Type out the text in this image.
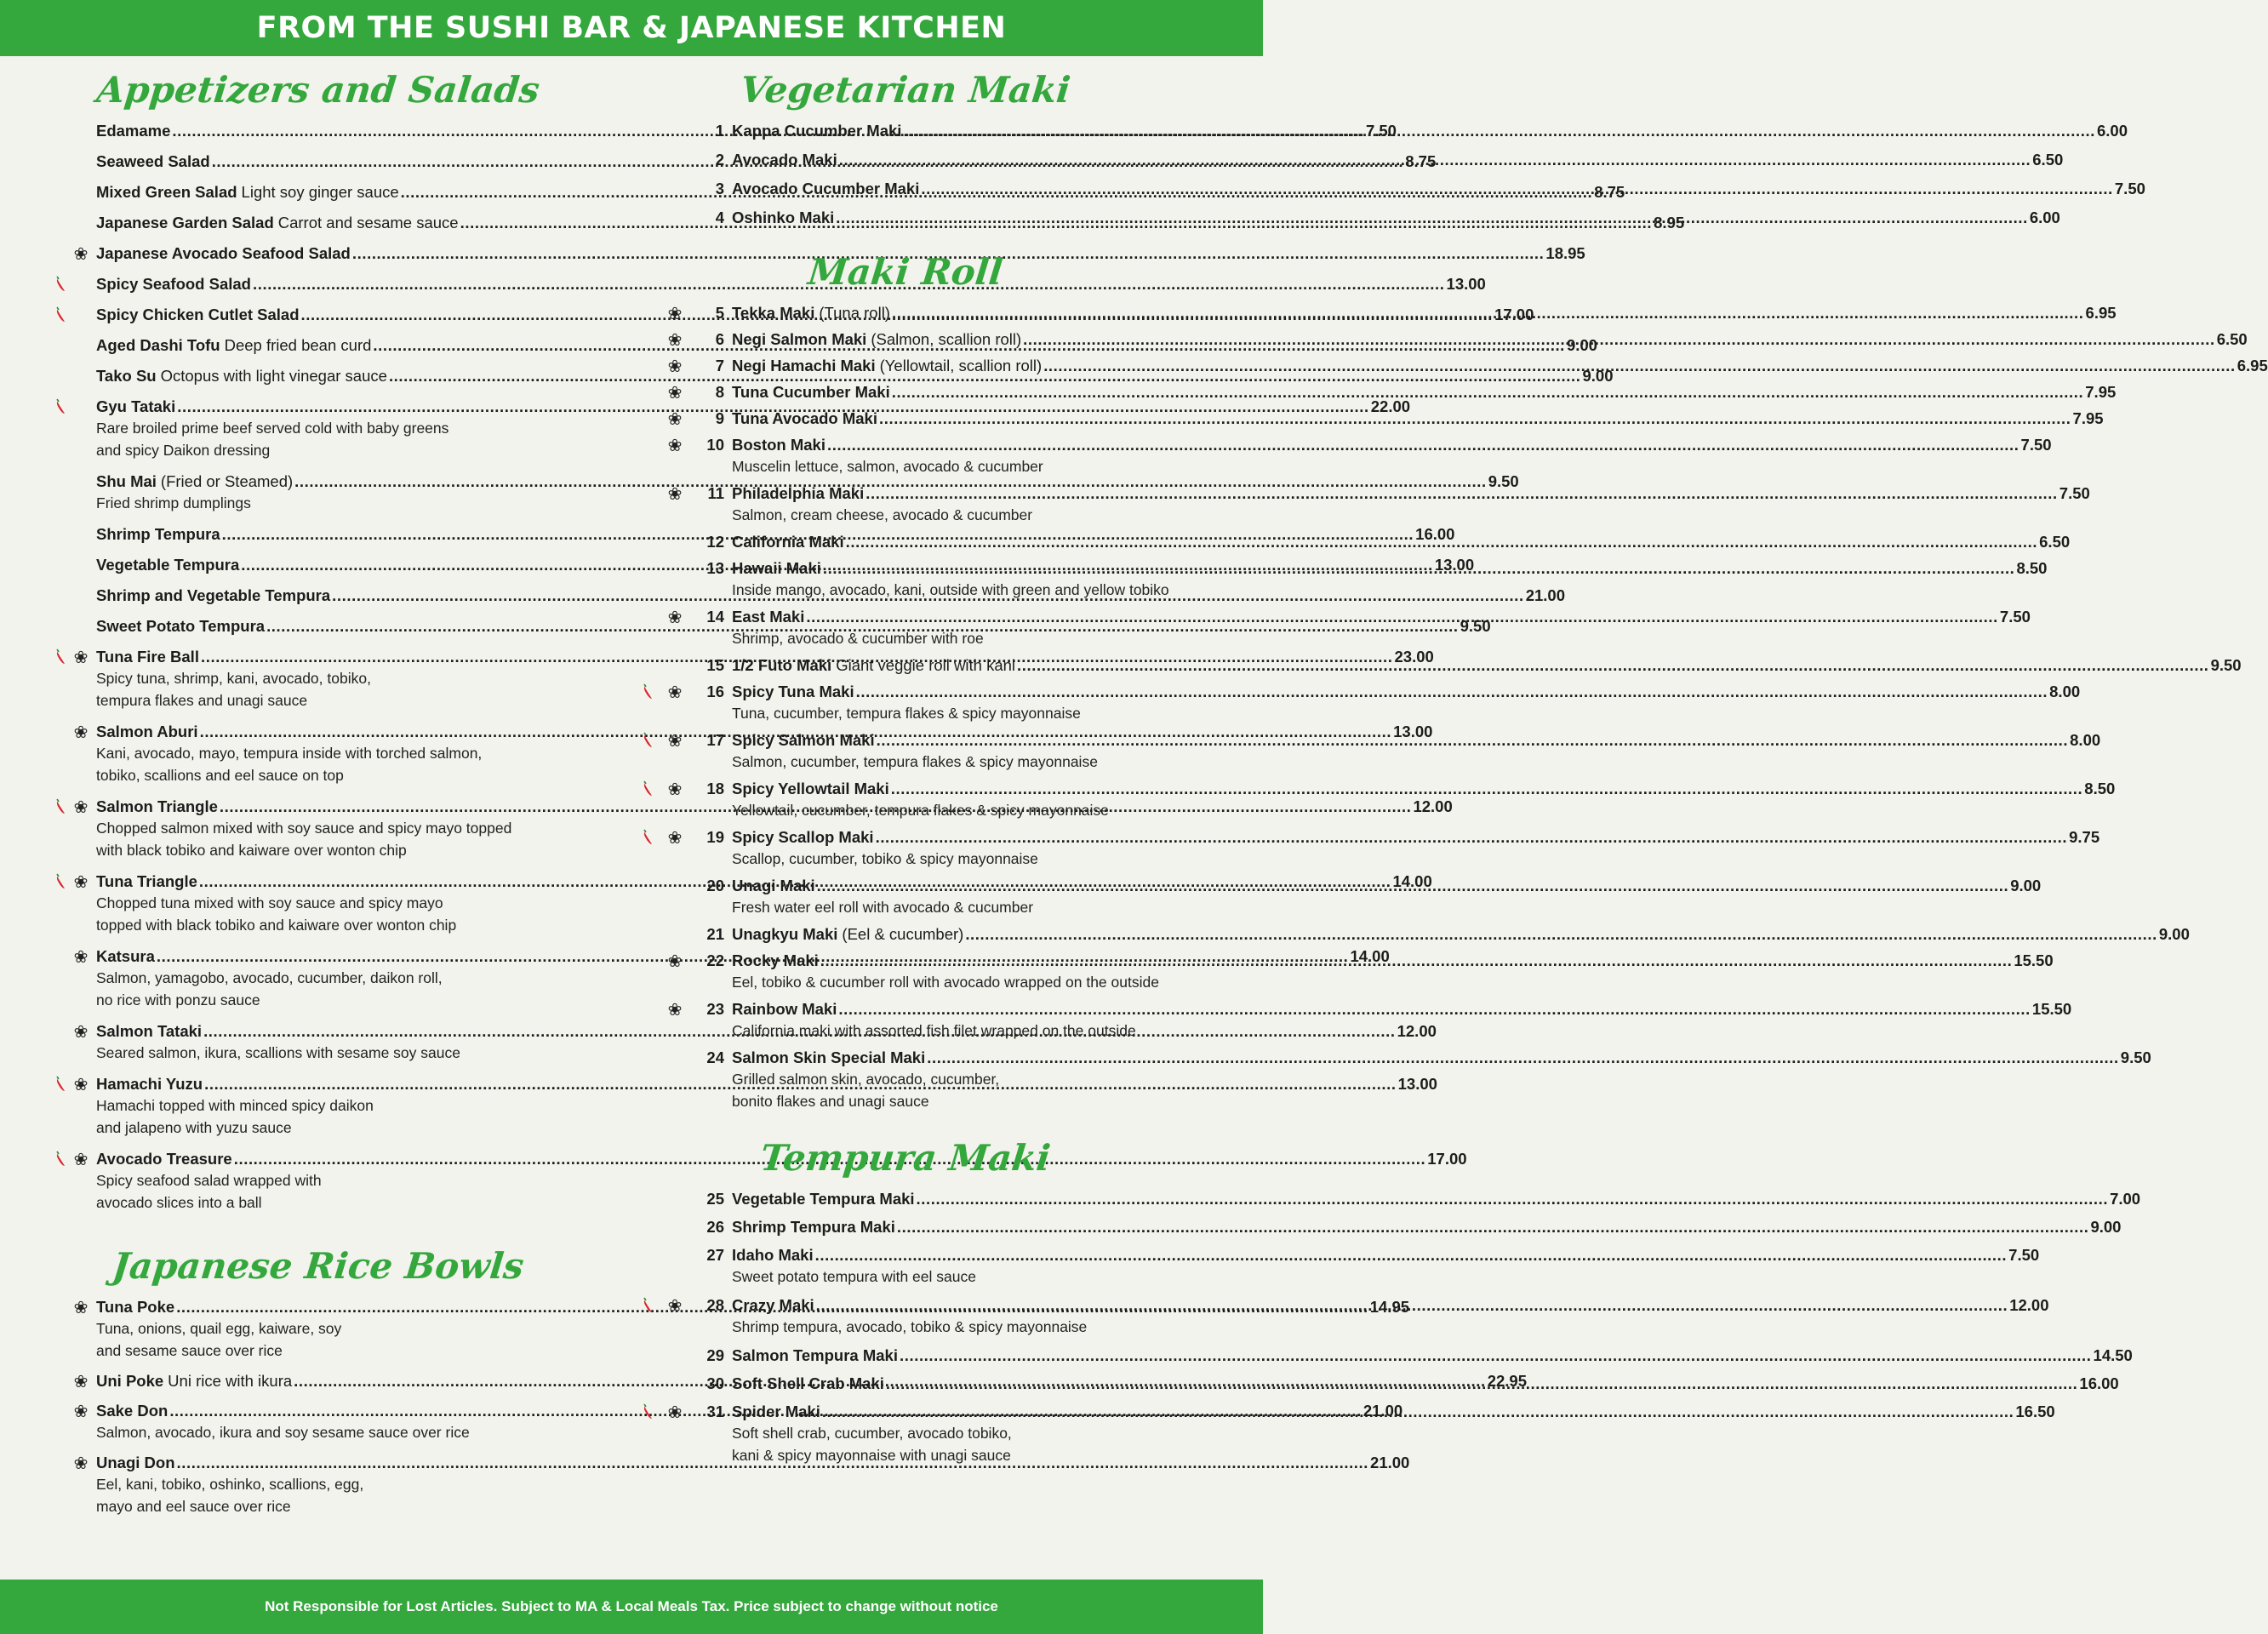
FROM THE SUSHI BAR & JAPANESE KITCHEN
Appetizers and Salads
Edamame .....	7.50
Seaweed Salad .....	8.75
Mixed Green Salad Light soy ginger sauce .....	8.75
Japanese Garden Salad Carrot and sesame sauce .....	8.95
❀ Japanese Avocado Seafood Salad .....	18.95
Spicy Seafood Salad .....	13.00
Spicy Chicken Cutlet Salad .....	17.00
Aged Dashi Tofu Deep fried bean curd .....	9.00
Tako Su Octopus with light vinegar sauce .....	9.00
Gyu Tataki .....	22.00
Rare broiled prime beef served cold with baby greens
and spicy Daikon dressing
Shu Mai (Fried or Steamed) .....	9.50
Fried shrimp dumplings
Shrimp Tempura .....	16.00
Vegetable Tempura .....	13.00
Shrimp and Vegetable Tempura .....	21.00
Sweet Potato Tempura .....	9.50
❀ Tuna Fire Ball .....	23.00
Spicy tuna, shrimp, kani, avocado, tobiko,
tempura flakes and unagi sauce
❀ Salmon Aburi .....	13.00
Kani, avocado, mayo, tempura inside with torched salmon,
tobiko, scallions and eel sauce on top
❀ Salmon Triangle .....	12.00
Chopped salmon mixed with soy sauce and spicy mayo topped
with black tobiko and kaiware over wonton chip
❀ Tuna Triangle .....	14.00
Chopped tuna mixed with soy sauce and spicy mayo
topped with black tobiko and kaiware over wonton chip
❀ Katsura .....	14.00
Salmon, yamagobo, avocado, cucumber, daikon roll,
no rice with ponzu sauce
❀ Salmon Tataki .....	12.00
Seared salmon, ikura, scallions with sesame soy sauce
❀ Hamachi Yuzu .....	13.00
Hamachi topped with minced spicy daikon
and jalapeno with yuzu sauce
❀ Avocado Treasure .....	17.00
Spicy seafood salad wrapped with
avocado slices into a ball
Japanese Rice Bowls
❀ Tuna Poke .....	14.95
Tuna, onions, quail egg, kaiware, soy
and sesame sauce over rice
❀ Uni Poke Uni rice with ikura .....	22.95
❀ Sake Don .....	21.00
Salmon, avocado, ikura and soy sesame sauce over rice
❀ Unagi Don .....	21.00
Eel, kani, tobiko, oshinko, scallions, egg,
mayo and eel sauce over rice
Vegetarian Maki
1 Kappa Cucumber Maki .....	6.00
2 Avocado Maki .....	6.50
3 Avocado Cucumber Maki .....	7.50
4 Oshinko Maki .....	6.00
Maki Roll
❀	5 Tekka Maki (Tuna roll) .....	6.95
❀	6 Negi Salmon Maki (Salmon, scallion roll) .....	6.50
❀	7 Negi Hamachi Maki (Yellowtail, scallion roll) .....	6.95
❀	8 Tuna Cucumber Maki .....	7.95
❀	9 Tuna Avocado Maki .....	7.95
❀	10 Boston Maki .....	7.50
Muscelin lettuce, salmon, avocado & cucumber
❀	11 Philadelphia Maki .....	7.50
Salmon, cream cheese, avocado & cucumber
12 California Maki .....	6.50
13 Hawaii Maki .....	8.50
Inside mango, avocado, kani, outside with green and yellow tobiko
❀	14 East Maki .....	7.50
Shrimp, avocado & cucumber with roe
15 1/2 Futo Maki Giant veggie roll with kani .....	9.50
❀	16 Spicy Tuna Maki .....	8.00
Tuna, cucumber, tempura flakes & spicy mayonnaise
❀	17 Spicy Salmon Maki .....	8.00
Salmon, cucumber, tempura flakes & spicy mayonnaise
❀	18 Spicy Yellowtail Maki .....	8.50
Yellowtail, cucumber, tempura flakes & spicy mayonnaise
❀	19 Spicy Scallop Maki .....	9.75
Scallop, cucumber, tobiko & spicy mayonnaise
20 Unagi Maki .....	9.00
Fresh water eel roll with avocado & cucumber
21 Unagkyu Maki (Eel & cucumber) .....	9.00
❀	22 Rocky Maki .....	15.50
Eel, tobiko & cucumber roll with avocado wrapped on the outside
❀	23 Rainbow Maki .....	15.50
California maki with assorted fish filet wrapped on the outside
24 Salmon Skin Special Maki .....	9.50
Grilled salmon skin, avocado, cucumber,
bonito flakes and unagi sauce
Tempura Maki
25 Vegetable Tempura Maki .....	7.00
26 Shrimp Tempura Maki .....	9.00
27 Idaho Maki .....	7.50
Sweet potato tempura with eel sauce
❀	28 Crazy Maki .....	12.00
Shrimp tempura, avocado, tobiko & spicy mayonnaise
29 Salmon Tempura Maki .....	14.50
30 Soft Shell Crab Maki .....	16.00
❀	31 Spider Maki .....	16.50
Soft shell crab, cucumber, avocado tobiko,
kani & spicy mayonnaise with unagi sauce
Not Responsible for Lost Articles. Subject to MA & Local Meals Tax. Price subject to change without notice
